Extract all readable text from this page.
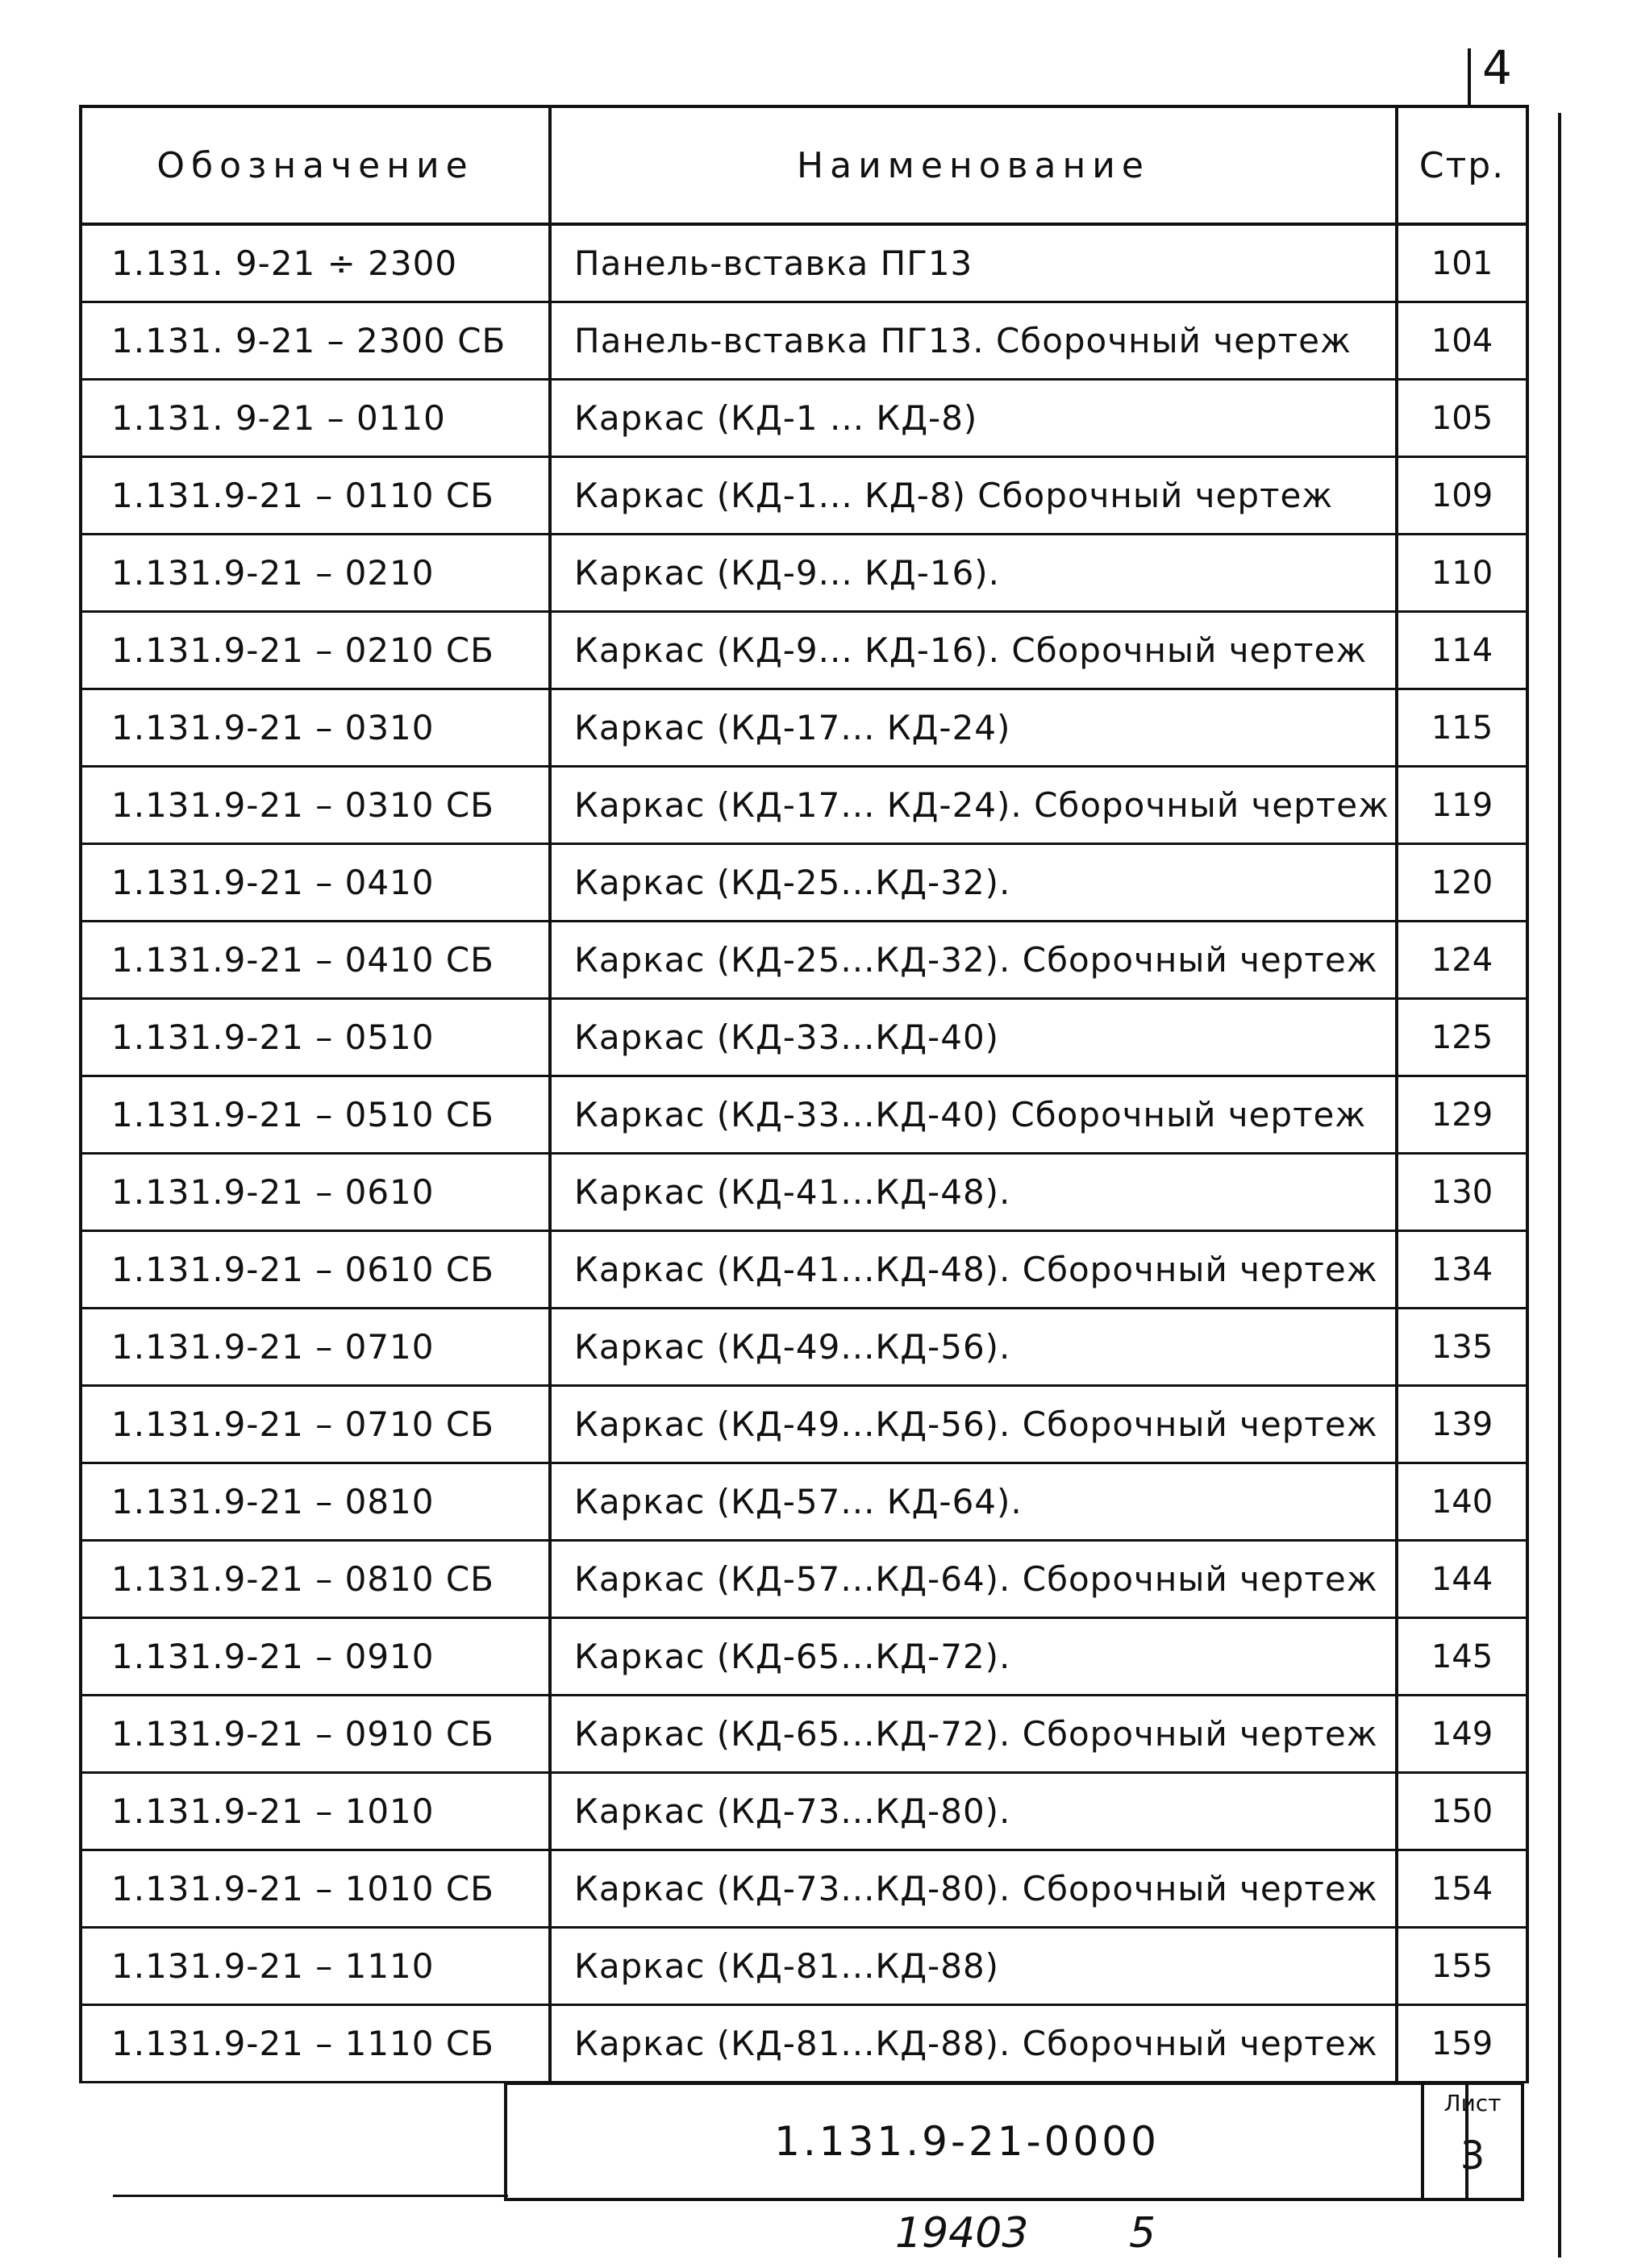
4
Обозначение	Наименование	Стр.
1.131. 9-21 ÷ 2300	Панель-вставка ПГ13	101
1.131. 9-21 – 2300 СБ	Панель-вставка ПГ13. Сборочный чертеж	104
1.131. 9-21 – 0110	Каркас (КД-1 ... КД-8)	105
1.131.9-21 – 0110 СБ	Каркас (КД-1... КД-8) Сборочный чертеж	109
1.131.9-21 – 0210	Каркас (КД-9... КД-16).	110
1.131.9-21 – 0210 СБ	Каркас (КД-9... КД-16). Сборочный чертеж	114
1.131.9-21 – 0310	Каркас (КД-17... КД-24)	115
1.131.9-21 – 0310 СБ	Каркас (КД-17... КД-24). Сборочный чертеж	119
1.131.9-21 – 0410	Каркас (КД-25...КД-32).	120
1.131.9-21 – 0410 СБ	Каркас (КД-25...КД-32). Сборочный чертеж	124
1.131.9-21 – 0510	Каркас (КД-33...КД-40)	125
1.131.9-21 – 0510 СБ	Каркас (КД-33...КД-40) Сборочный чертеж	129
1.131.9-21 – 0610	Каркас (КД-41...КД-48).	130
1.131.9-21 – 0610 СБ	Каркас (КД-41...КД-48). Сборочный чертеж	134
1.131.9-21 – 0710	Каркас (КД-49...КД-56).	135
1.131.9-21 – 0710 СБ	Каркас (КД-49...КД-56). Сборочный чертеж	139
1.131.9-21 – 0810	Каркас (КД-57... КД-64).	140
1.131.9-21 – 0810 СБ	Каркас (КД-57...КД-64). Сборочный чертеж	144
1.131.9-21 – 0910	Каркас (КД-65...КД-72).	145
1.131.9-21 – 0910 СБ	Каркас (КД-65...КД-72). Сборочный чертеж	149
1.131.9-21 – 1010	Каркас (КД-73...КД-80).	150
1.131.9-21 – 1010 СБ	Каркас (КД-73...КД-80). Сборочный чертеж	154
1.131.9-21 – 1110	Каркас (КД-81...КД-88)	155
1.131.9-21 – 1110 СБ	Каркас (КД-81...КД-88). Сборочный чертеж	159
1.131.9-21-0000
Лист
3
19403 5
